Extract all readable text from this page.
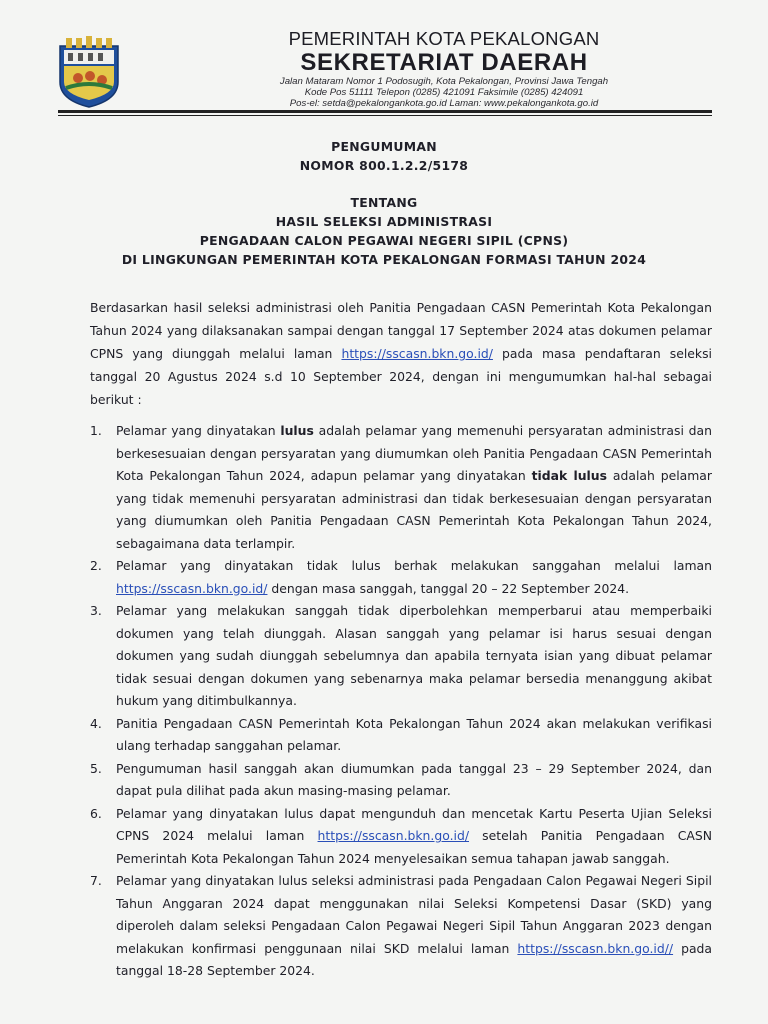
PEMERINTAH KOTA PEKALONGAN
SEKRETARIAT DAERAH
Jalan Mataram Nomor 1 Podosugih, Kota Pekalongan, Provinsi Jawa Tengah
Kode Pos 51111 Telepon (0285) 421091 Faksimile (0285) 424091
Pos-el: setda@pekalongankota.go.id Laman: www.pekalongankota.go.id
PENGUMUMAN
NOMOR 800.1.2.2/5178
TENTANG
HASIL SELEKSI ADMINISTRASI
PENGADAAN CALON PEGAWAI NEGERI SIPIL (CPNS)
DI LINGKUNGAN PEMERINTAH KOTA PEKALONGAN FORMASI TAHUN 2024

Berdasarkan hasil seleksi administrasi oleh Panitia Pengadaan CASN Pemerintah Kota Pekalongan Tahun 2024 yang dilaksanakan sampai dengan tanggal 17 September 2024 atas dokumen pelamar CPNS yang diunggah melalui laman https://sscasn.bkn.go.id/ pada masa pendaftaran seleksi tanggal 20 Agustus 2024 s.d 10 September 2024, dengan ini mengumumkan hal-hal sebagai berikut :

1. Pelamar yang dinyatakan lulus adalah pelamar yang memenuhi persyaratan administrasi dan berkesesuaian dengan persyaratan yang diumumkan oleh Panitia Pengadaan CASN Pemerintah Kota Pekalongan Tahun 2024, adapun pelamar yang dinyatakan tidak lulus adalah pelamar yang tidak memenuhi persyaratan administrasi dan tidak berkesesuaian dengan persyaratan yang diumumkan oleh Panitia Pengadaan CASN Pemerintah Kota Pekalongan Tahun 2024, sebagaimana data terlampir.
2. Pelamar yang dinyatakan tidak lulus berhak melakukan sanggahan melalui laman https://sscasn.bkn.go.id/ dengan masa sanggah, tanggal 20 – 22 September 2024.
3. Pelamar yang melakukan sanggah tidak diperbolehkan memperbarui atau memperbaiki dokumen yang telah diunggah. Alasan sanggah yang pelamar isi harus sesuai dengan dokumen yang sudah diunggah sebelumnya dan apabila ternyata isian yang dibuat pelamar tidak sesuai dengan dokumen yang sebenarnya maka pelamar bersedia menanggung akibat hukum yang ditimbulkannya.
4. Panitia Pengadaan CASN Pemerintah Kota Pekalongan Tahun 2024 akan melakukan verifikasi ulang terhadap sanggahan pelamar.
5. Pengumuman hasil sanggah akan diumumkan pada tanggal 23 – 29 September 2024, dan dapat pula dilihat pada akun masing-masing pelamar.
6. Pelamar yang dinyatakan lulus dapat mengunduh dan mencetak Kartu Peserta Ujian Seleksi CPNS 2024 melalui laman https://sscasn.bkn.go.id/ setelah Panitia Pengadaan CASN Pemerintah Kota Pekalongan Tahun 2024 menyelesaikan semua tahapan jawab sanggah.
7. Pelamar yang dinyatakan lulus seleksi administrasi pada Pengadaan Calon Pegawai Negeri Sipil Tahun Anggaran 2024 dapat menggunakan nilai Seleksi Kompetensi Dasar (SKD) yang diperoleh dalam seleksi Pengadaan Calon Pegawai Negeri Sipil Tahun Anggaran 2023 dengan melakukan konfirmasi penggunaan nilai SKD melalui laman https://sscasn.bkn.go.id// pada tanggal 18-28 September 2024.
